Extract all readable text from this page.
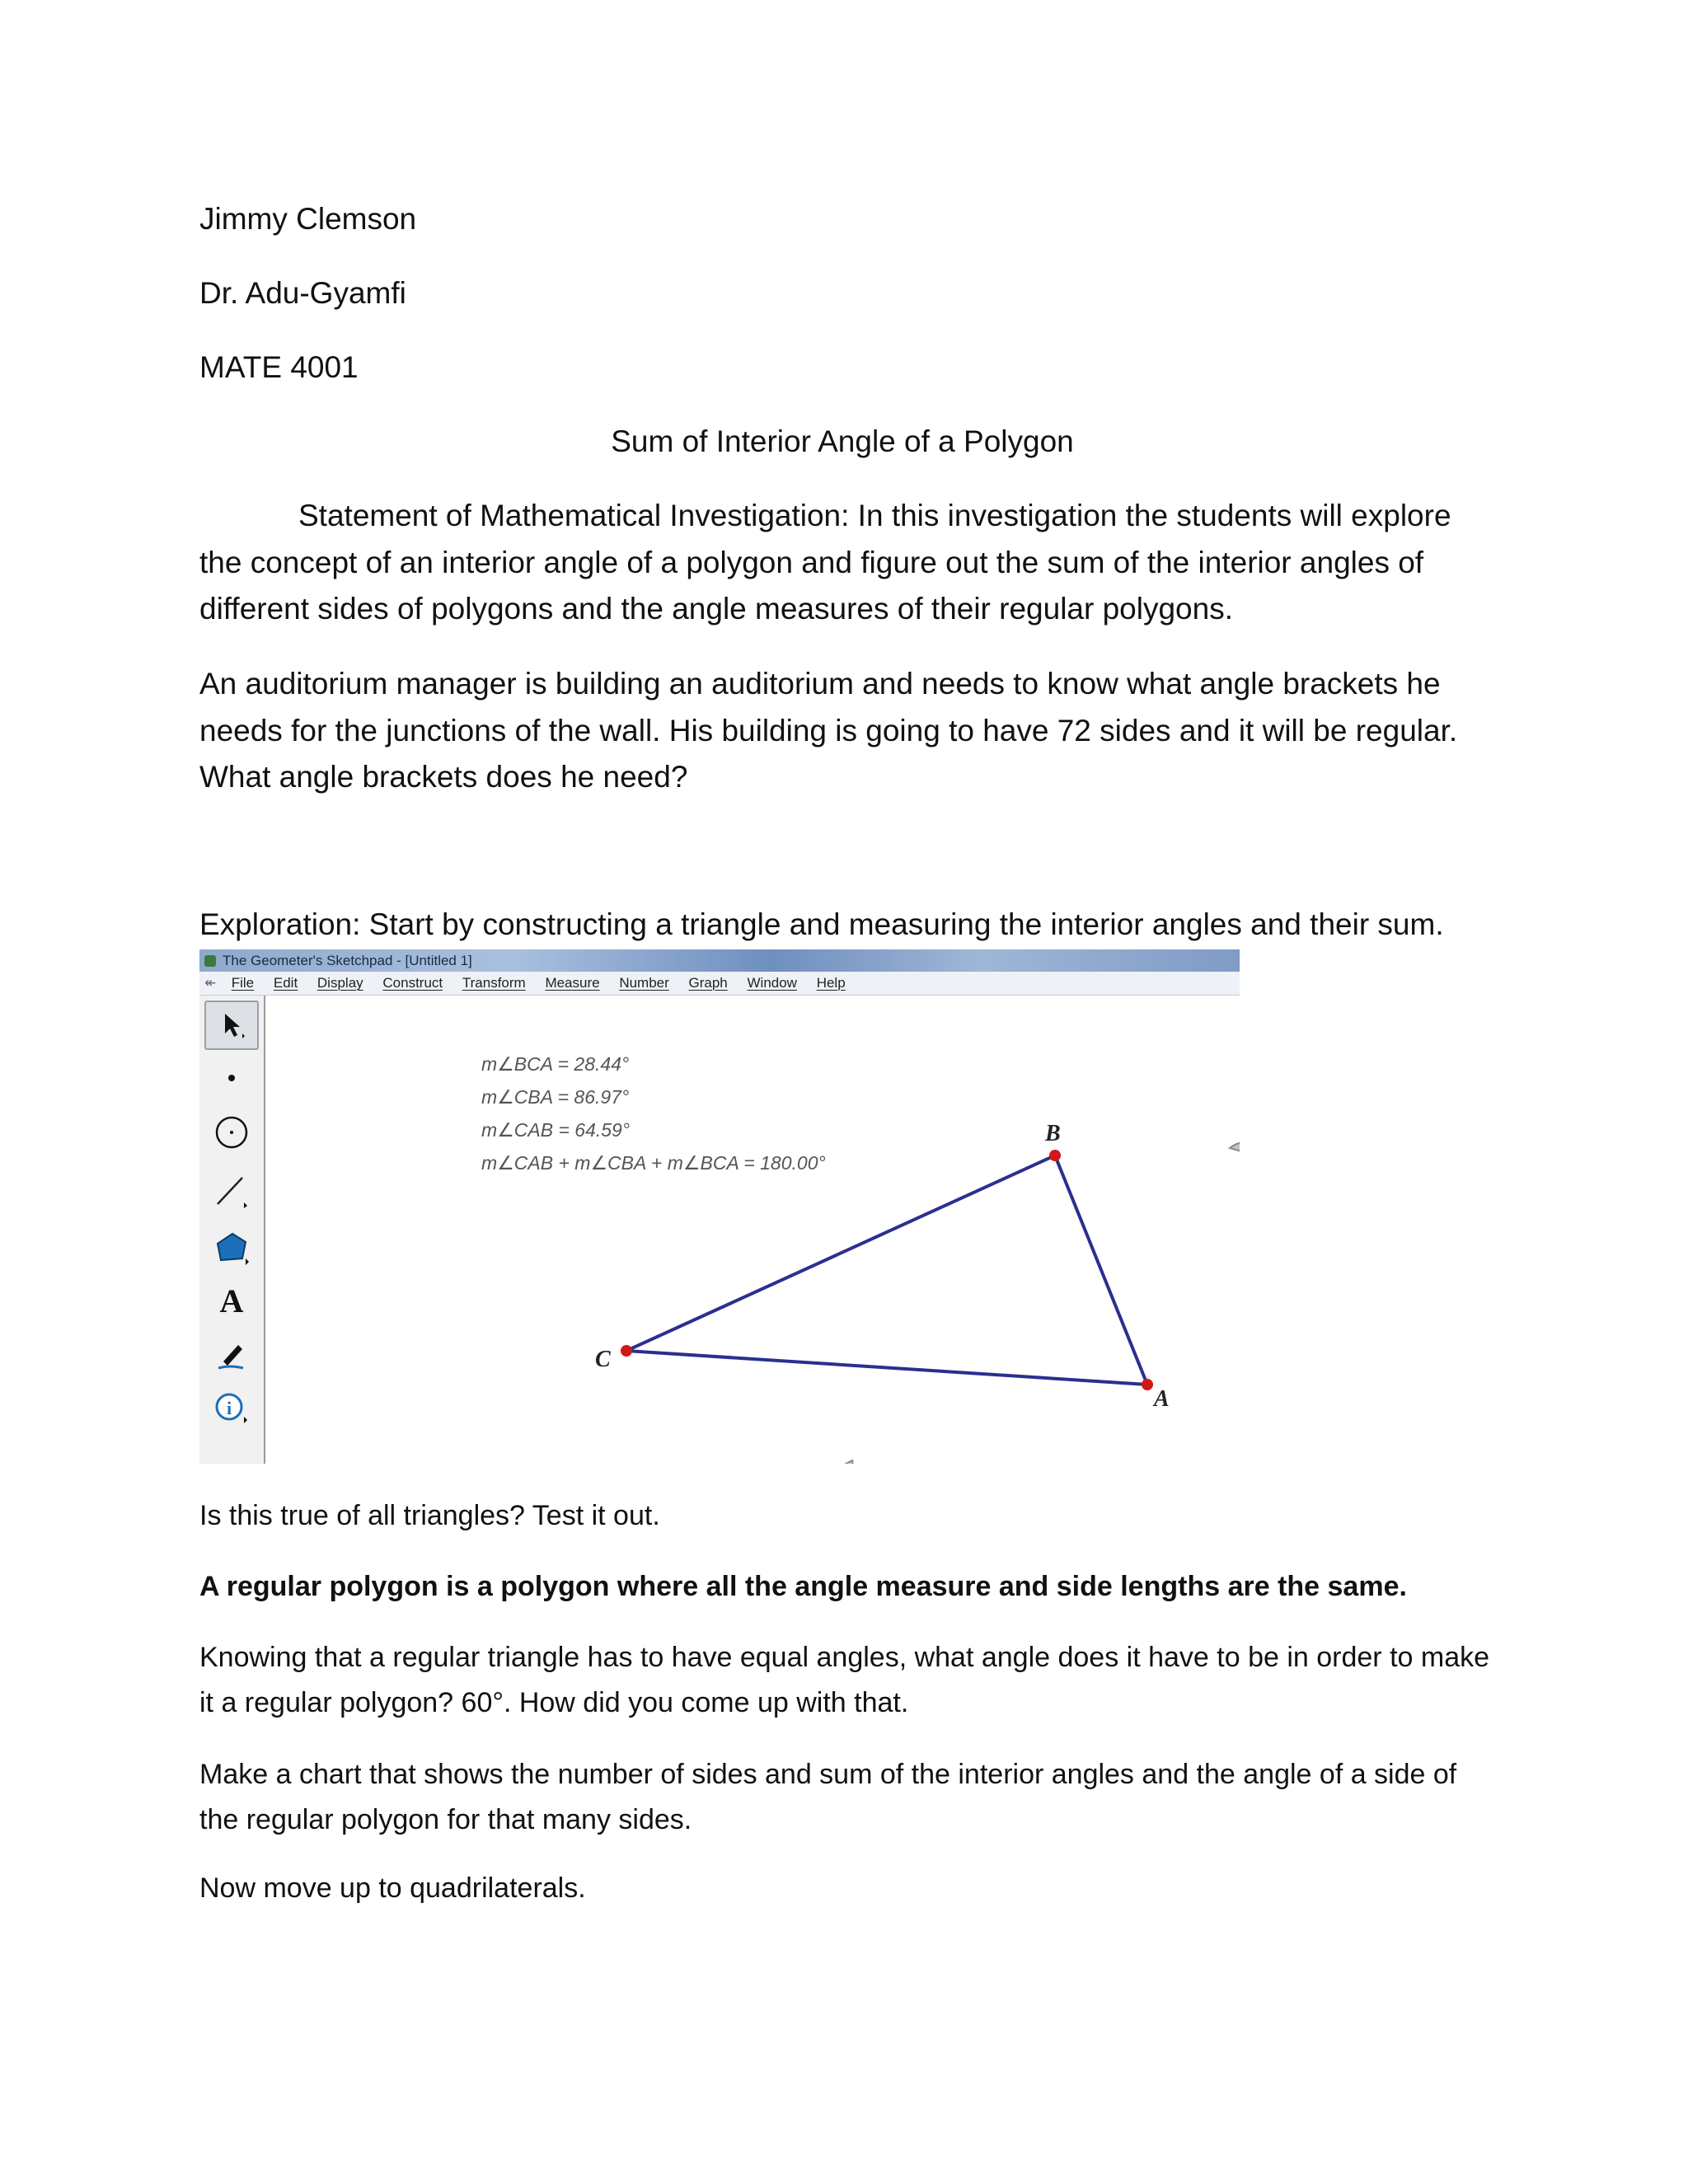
Jimmy Clemson
Dr. Adu-Gyamfi
MATE 4001
Sum of Interior Angle of a Polygon
Statement of Mathematical Investigation: In this investigation the students will explore the concept of an interior angle of a polygon and figure out the sum of the interior angles of different sides of polygons and the angle measures of their regular polygons.
An auditorium manager is building an auditorium and needs to know what angle brackets he needs for the junctions of the wall. His building is going to have 72 sides and it will be regular. What angle brackets does he need?
Exploration: Start by constructing a triangle and measuring the interior angles and their sum.
Is this true of all triangles? Test it out.
A regular polygon is a polygon where all the angle measure and side lengths are the same.
Knowing that a regular triangle has to have equal angles, what angle does it have to be in order to make it a regular polygon? 60°. How did you come up with that.
Make a chart that shows the number of sides and sum of the interior angles and the angle of a side of the regular polygon for that many sides.
Now move up to quadrilaterals.
The Geometer's Sketchpad - [Untitled 1]
↞ File Edit Display Construct Transform Measure Number Graph Window Help
A
i
m∠BCA = 28.44°
m∠CBA = 86.97°
m∠CAB = 64.59°
m∠CAB + m∠CBA + m∠BCA = 180.00°
B
C
A
